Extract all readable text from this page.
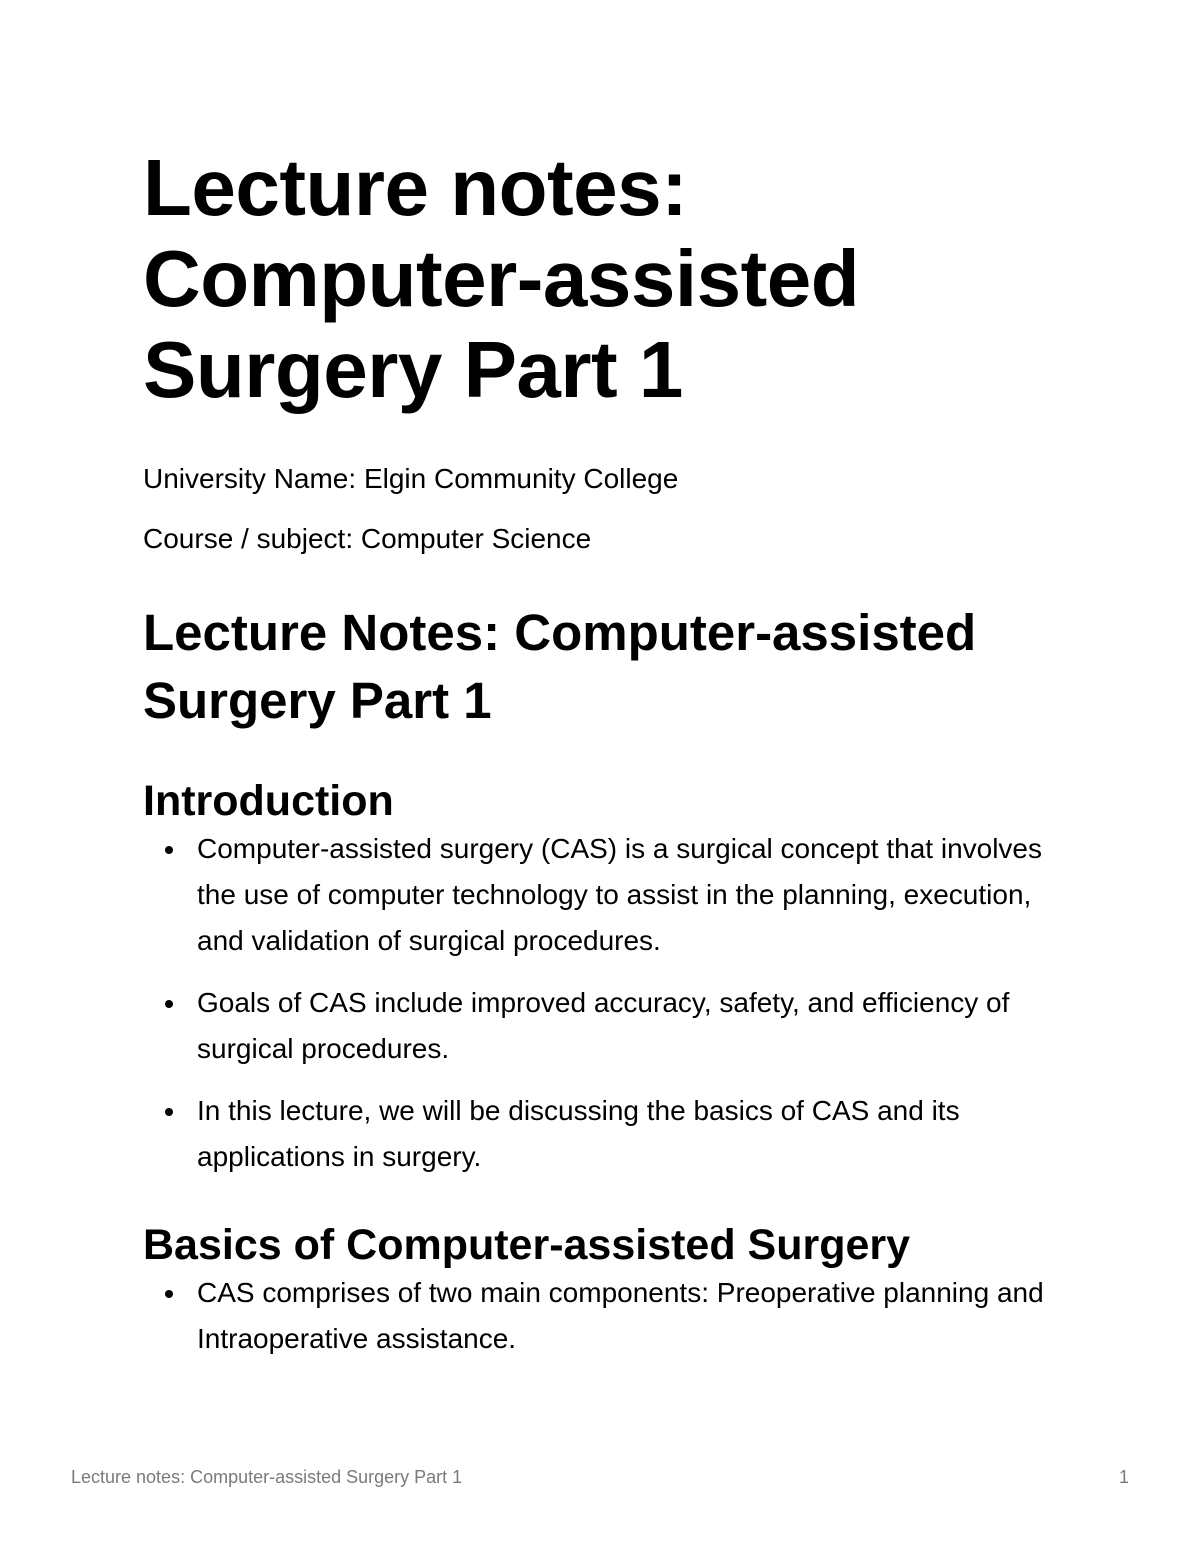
Lecture notes: Computer-assisted Surgery Part 1

University Name: Elgin Community College

Course / subject: Computer Science

Lecture Notes: Computer-assisted Surgery Part 1
Introduction
Computer-assisted surgery (CAS) is a surgical concept that involves the use of computer technology to assist in the planning, execution, and validation of surgical procedures.
Goals of CAS include improved accuracy, safety, and efficiency of surgical procedures.
In this lecture, we will be discussing the basics of CAS and its applications in surgery.
Basics of Computer-assisted Surgery
CAS comprises of two main components: Preoperative planning and Intraoperative assistance.
Lecture notes: Computer-assisted Surgery Part 1	1
